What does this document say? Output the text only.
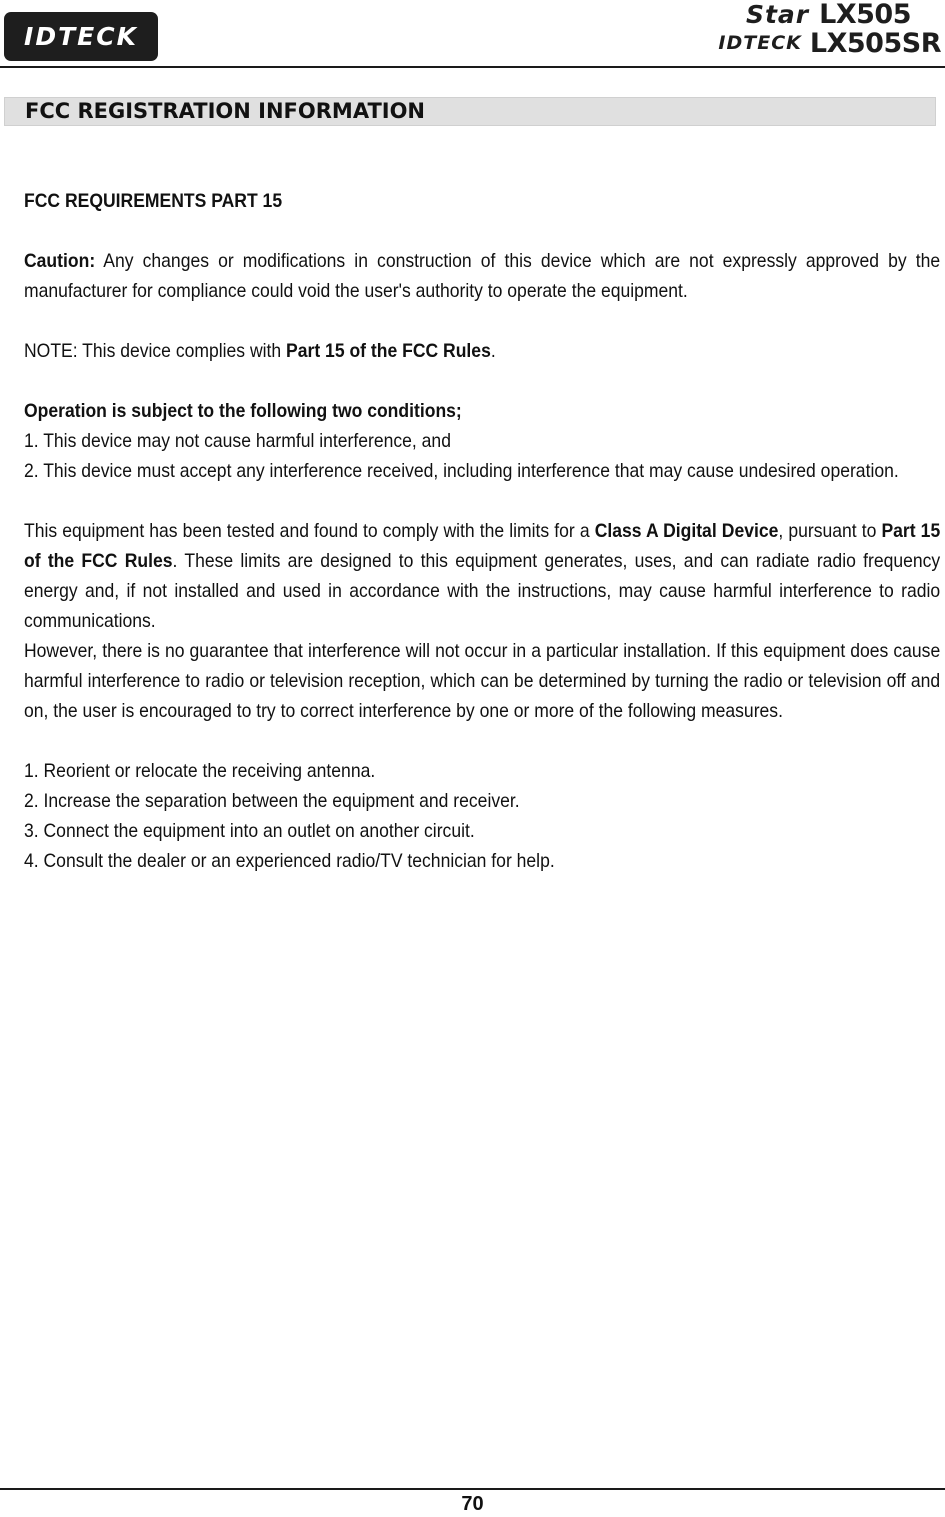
IDTECK
Star LX505
IDTECK LX505SR
FCC REGISTRATION INFORMATION

FCC REQUIREMENTS PART 15

Caution: Any changes or modifications in construction of this device which are not expressly approved by the manufacturer for compliance could void the user's authority to operate the equipment.

NOTE: This device complies with Part 15 of the FCC Rules.

Operation is subject to the following two conditions;

1. This device may not cause harmful interference, and

2. This device must accept any interference received, including interference that may cause undesired operation.

This equipment has been tested and found to comply with the limits for a Class A Digital Device, pursuant to Part 15 of the FCC Rules. These limits are designed to this equipment generates, uses, and can radiate radio frequency energy and, if not installed and used in accordance with the instructions, may cause harmful interference to radio communications.

However, there is no guarantee that interference will not occur in a particular installation. If this equipment does cause harmful interference to radio or television reception, which can be determined by turning the radio or television off and on, the user is encouraged to try to correct interference by one or more of the following measures.

1. Reorient or relocate the receiving antenna.

2. Increase the separation between the equipment and receiver.

3. Connect the equipment into an outlet on another circuit.

4. Consult the dealer or an experienced radio/TV technician for help.

70
